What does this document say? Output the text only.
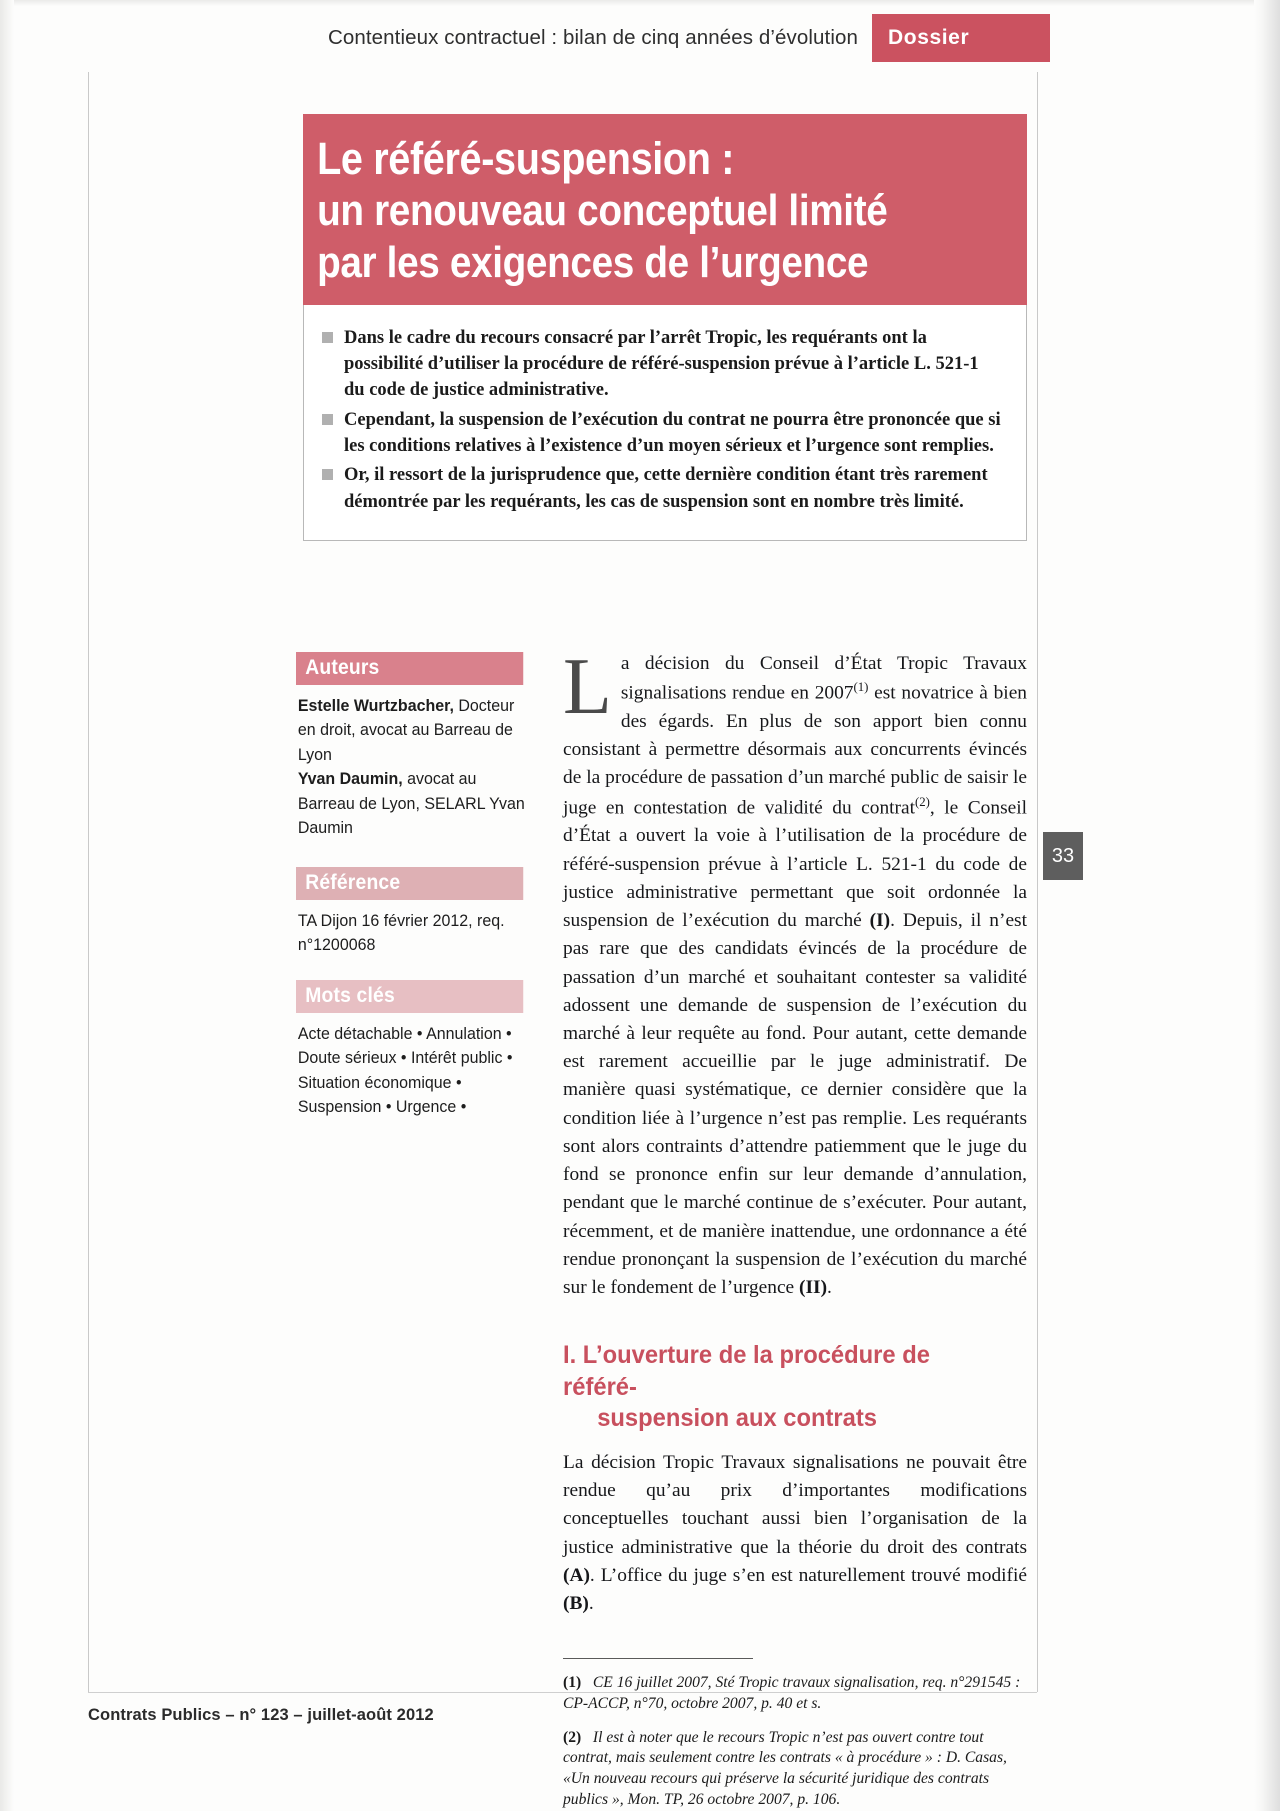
Contentieux contractuel : bilan de cinq années d’évolution	Dossier
Le référé-suspension :
un renouveau conceptuel limité
par les exigences de l’urgence
Dans le cadre du recours consacré par l’arrêt Tropic, les requérants ont la possibilité d’utiliser la procédure de référé-suspension prévue à l’article L. 521-1 du code de justice administrative.
Cependant, la suspension de l’exécution du contrat ne pourra être prononcée que si les conditions relatives à l’existence d’un moyen sérieux et l’urgence sont remplies.
Or, il ressort de la jurisprudence que, cette dernière condition étant très rarement démontrée par les requérants, les cas de suspension sont en nombre très limité.
Auteurs
Estelle Wurtzbacher, Docteur en droit, avocat au Barreau de Lyon
Yvan Daumin, avocat au Barreau de Lyon, SELARL Yvan Daumin
Référence
TA Dijon 16 février 2012, req. n°1200068
Mots clés
Acte détachable • Annulation • Doute sérieux • Intérêt public • Situation économique • Suspension • Urgence •

La décision du Conseil d’État Tropic Travaux signalisations rendue en 2007$^{(1)}$ est novatrice à bien des égards. En plus de son apport bien connu consistant à permettre désormais aux concurrents évincés de la procédure de passation d’un marché public de saisir le juge en contestation de validité du contrat$^{(2)}$, le Conseil d’État a ouvert la voie à l’utilisation de la procédure de référé-suspension prévue à l’article L. 521-1 du code de justice administrative permettant que soit ordonnée la suspension de l’exécution du marché (I). Depuis, il n’est pas rare que des candidats évincés de la procédure de passation d’un marché et souhaitant contester sa validité adossent une demande de suspension de l’exécution du marché à leur requête au fond. Pour autant, cette demande est rarement accueillie par le juge administratif. De manière quasi systématique, ce dernier considère que la condition liée à l’urgence n’est pas remplie. Les requérants sont alors contraints d’attendre patiemment que le juge du fond se prononce enfin sur leur demande d’annulation, pendant que le marché continue de s’exécuter. Pour autant, récemment, et de manière inattendue, une ordonnance a été rendue prononçant la suspension de l’exécution du marché sur le fondement de l’urgence (II).

I. L’ouverture de la procédure de référé-
suspension aux contrats

La décision Tropic Travaux signalisations ne pouvait être rendue qu’au prix d’importantes modifications conceptuelles touchant aussi bien l’organisation de la justice administrative que la théorie du droit des contrats (A). L’office du juge s’en est naturellement trouvé modifié (B).

(1) CE 16 juillet 2007, Sté Tropic travaux signalisation, req. n°291545 : CP-ACCP, n°70, octobre 2007, p. 40 et s.

(2) Il est à noter que le recours Tropic n’est pas ouvert contre tout contrat, mais seulement contre les contrats « à procédure » : D. Casas, «Un nouveau recours qui préserve la sécurité juridique des contrats publics », Mon. TP, 26 octobre 2007, p. 106.

33
Contrats Publics – n° 123 – juillet-août 2012
